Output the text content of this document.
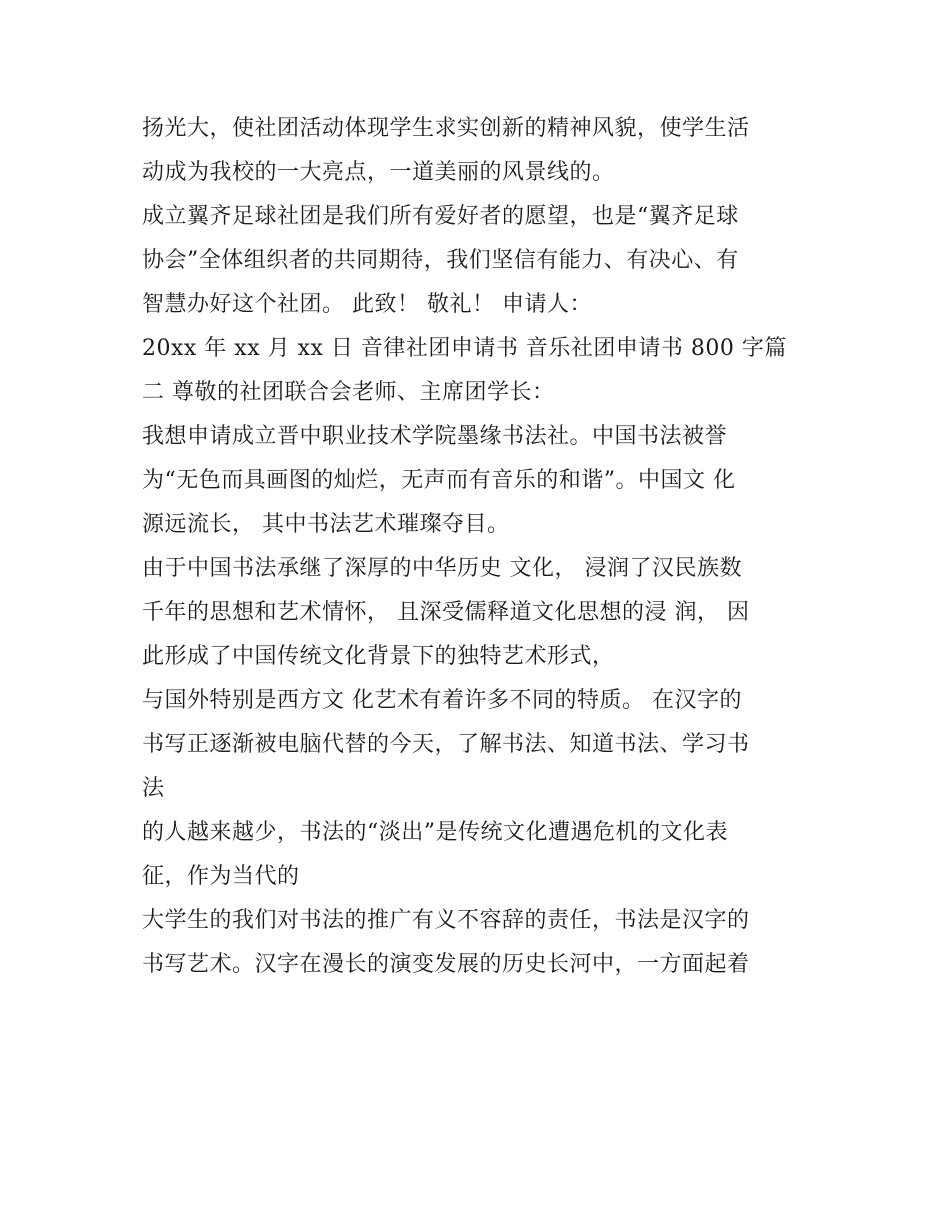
扬光大，使社团活动体现学生求实创新的精神风貌，使学生活
动成为我校的一大亮点，一道美丽的风景线的。
成立翼齐足球社团是我们所有爱好者的愿望，也是“翼齐足球
协会”全体组织者的共同期待，我们坚信有能力、有决心、有
智慧办好这个社团。 此致！ 敬礼！ 申请人：
20xx 年 xx 月 xx 日 音律社团申请书 音乐社团申请书 800 字篇
二 尊敬的社团联合会老师、主席团学长：
我想申请成立晋中职业技术学院墨缘书法社。中国书法被誉
为“无色而具画图的灿烂，无声而有音乐的和谐”。中国文 化
源远流长， 其中书法艺术璀璨夺目。
由于中国书法承继了深厚的中华历史 文化， 浸润了汉民族数
千年的思想和艺术情怀， 且深受儒释道文化思想的浸 润， 因
此形成了中国传统文化背景下的独特艺术形式，
与国外特别是西方文 化艺术有着许多不同的特质。 在汉字的
书写正逐渐被电脑代替的今天，了解书法、知道书法、学习书
法
的人越来越少，书法的“淡出”是传统文化遭遇危机的文化表
征，作为当代的
大学生的我们对书法的推广有义不容辞的责任，书法是汉字的
书写艺术。汉字在漫长的演变发展的历史长河中，一方面起着
